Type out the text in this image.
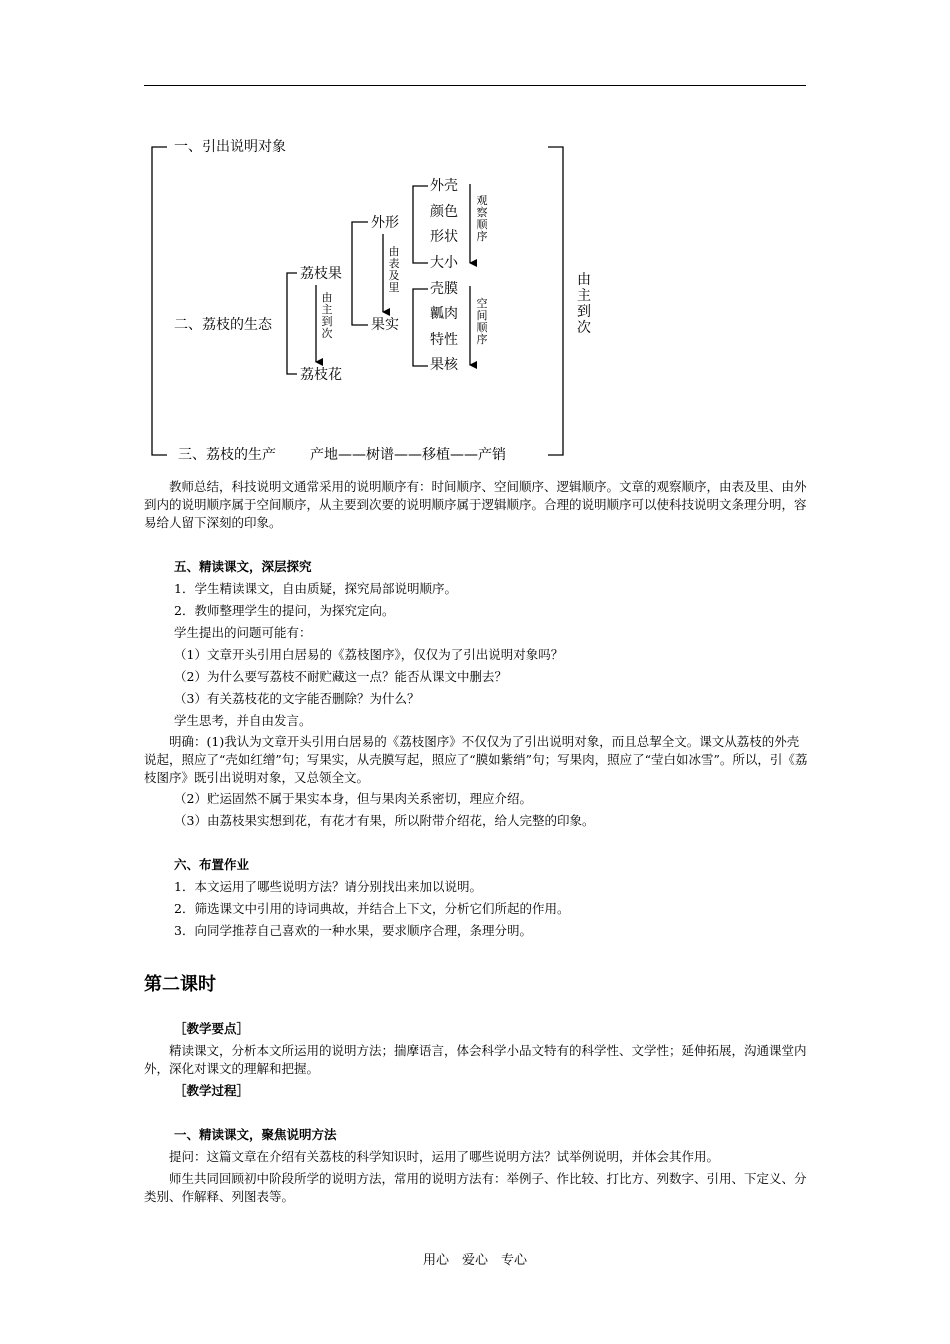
一、引出说明对象
二、荔枝的生态
三、荔枝的生产 产地——树谱——移植——产销
荔枝果
荔枝花
由主到次
外形
果实
由表及里
外壳
颜色
形状
大小
观察顺序
壳膜
瓤肉
特性
果核
空间顺序
由主到次

教师总结，科技说明文通常采用的说明顺序有：时间顺序、空间顺序、逻辑顺序。文章的观察顺序，由表及里、由外到内的说明顺序属于空间顺序，从主要到次要的说明顺序属于逻辑顺序。合理的说明顺序可以使科技说明文条理分明，容易给人留下深刻的印象。

五、精读课文，深层探究

1．学生精读课文，自由质疑，探究局部说明顺序。

2．教师整理学生的提问，为探究定向。

学生提出的问题可能有：

（1）文章开头引用白居易的《荔枝图序》，仅仅为了引出说明对象吗？

（2）为什么要写荔枝不耐贮藏这一点？能否从课文中删去？

（3）有关荔枝花的文字能否删除？为什么？

学生思考，并自由发言。

明确：(1)我认为文章开头引用白居易的《荔枝图序》不仅仅为了引出说明对象，而且总挈全文。课文从荔枝的外壳说起，照应了“壳如红缯”句；写果实，从壳膜写起，照应了“膜如紫绡”句；写果肉，照应了“莹白如冰雪”。所以，引《荔枝图序》既引出说明对象，又总领全文。

（2）贮运固然不属于果实本身，但与果肉关系密切，理应介绍。

（3）由荔枝果实想到花，有花才有果，所以附带介绍花，给人完整的印象。

六、布置作业

1．本文运用了哪些说明方法？请分别找出来加以说明。

2．筛选课文中引用的诗词典故，并结合上下文，分析它们所起的作用。

3．向同学推荐自己喜欢的一种水果，要求顺序合理，条理分明。

第二课时

［教学要点］

精读课文，分析本文所运用的说明方法；揣摩语言，体会科学小品文特有的科学性、文学性；延伸拓展，沟通课堂内外，深化对课文的理解和把握。

［教学过程］

一、精读课文，聚焦说明方法

提问：这篇文章在介绍有关荔枝的科学知识时，运用了哪些说明方法？试举例说明，并体会其作用。

师生共同回顾初中阶段所学的说明方法，常用的说明方法有：举例子、作比较、打比方、列数字、引用、下定义、分类别、作解释、列图表等。

用心　爱心　专心
